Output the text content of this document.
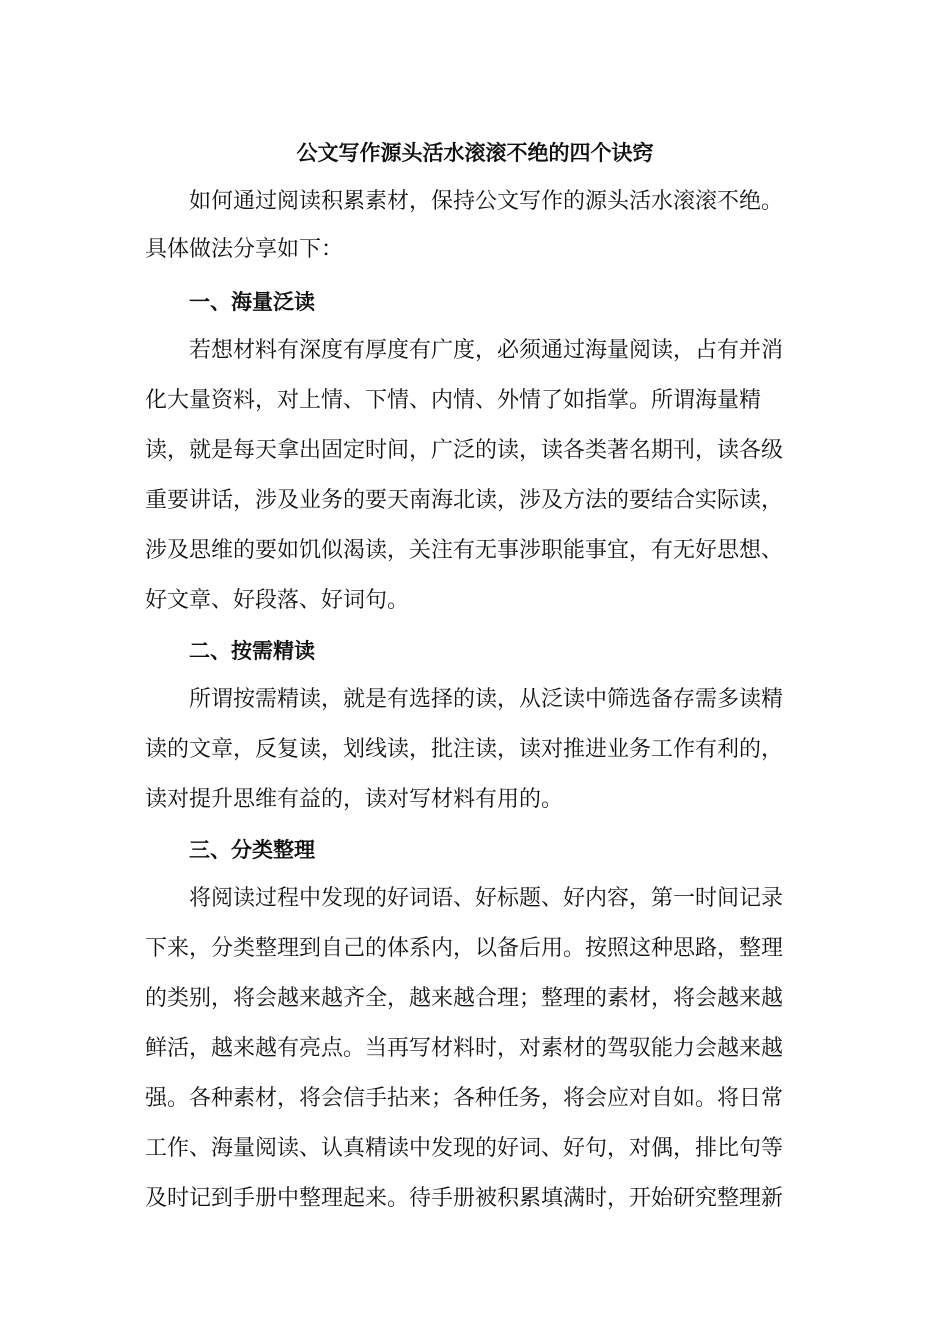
公文写作源头活水滚滚不绝的四个诀窍

如何通过阅读积累素材，保持公文写作的源头活水滚滚不绝。

具体做法分享如下：

一、海量泛读

若想材料有深度有厚度有广度，必须通过海量阅读，占有并消

化大量资料，对上情、下情、内情、外情了如指掌。所谓海量精

读，就是每天拿出固定时间，广泛的读，读各类著名期刊，读各级

重要讲话，涉及业务的要天南海北读，涉及方法的要结合实际读，

涉及思维的要如饥似渴读，关注有无事涉职能事宜，有无好思想、

好文章、好段落、好词句。

二、按需精读

所谓按需精读，就是有选择的读，从泛读中筛选备存需多读精

读的文章，反复读，划线读，批注读，读对推进业务工作有利的，

读对提升思维有益的，读对写材料有用的。

三、分类整理

将阅读过程中发现的好词语、好标题、好内容，第一时间记录

下来，分类整理到自己的体系内，以备后用。按照这种思路，整理

的类别，将会越来越齐全，越来越合理；整理的素材，将会越来越

鲜活，越来越有亮点。当再写材料时，对素材的驾驭能力会越来越

强。各种素材，将会信手拈来；各种任务，将会应对自如。将日常

工作、海量阅读、认真精读中发现的好词、好句，对偶，排比句等

及时记到手册中整理起来。待手册被积累填满时，开始研究整理新
